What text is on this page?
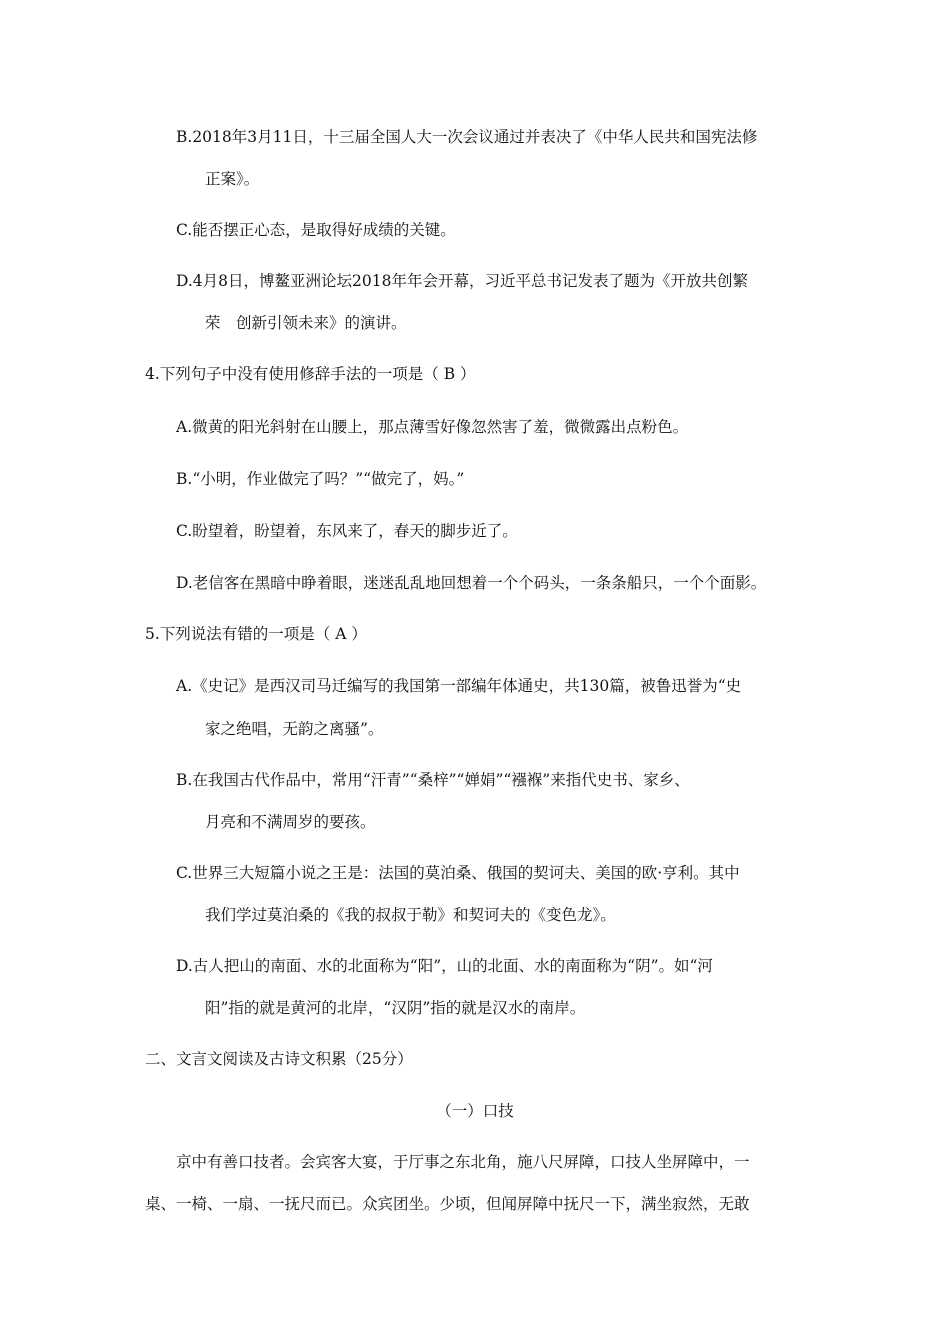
B.2018年3月11日，十三届全国人大一次会议通过并表决了《中华人民共和国宪法修
正案》。
C.能否摆正心态，是取得好成绩的关键。
D.4月8日，博鳌亚洲论坛2018年年会开幕，习近平总书记发表了题为《开放共创繁
荣　创新引领未来》的演讲。
4.下列句子中没有使用修辞手法的一项是（ B ）
A.微黄的阳光斜射在山腰上，那点薄雪好像忽然害了羞，微微露出点粉色。
B.“小明，作业做完了吗？”“做完了，妈。”
C.盼望着，盼望着，东风来了，春天的脚步近了。
D.老信客在黑暗中睁着眼，迷迷乱乱地回想着一个个码头，一条条船只，一个个面影。
5.下列说法有错的一项是（ A ）
A.《史记》是西汉司马迁编写的我国第一部编年体通史，共130篇，被鲁迅誉为“史
家之绝唱，无韵之离骚”。
B.在我国古代作品中，常用“汗青”“桑梓”“婵娟”“襁褓”来指代史书、家乡、
月亮和不满周岁的要孩。
C.世界三大短篇小说之王是：法国的莫泊桑、俄国的契诃夫、美国的欧·亨利。其中
我们学过莫泊桑的《我的叔叔于勒》和契诃夫的《变色龙》。
D.古人把山的南面、水的北面称为“阳”，山的北面、水的南面称为“阴”。如“河
阳”指的就是黄河的北岸，“汉阴”指的就是汉水的南岸。
二、文言文阅读及古诗文积累（25分）
（一）口技
京中有善口技者。会宾客大宴，于厅事之东北角，施八尺屏障，口技人坐屏障中，一
桌、一椅、一扇、一抚尺而已。众宾团坐。少顷，但闻屏障中抚尺一下，满坐寂然，无敢
